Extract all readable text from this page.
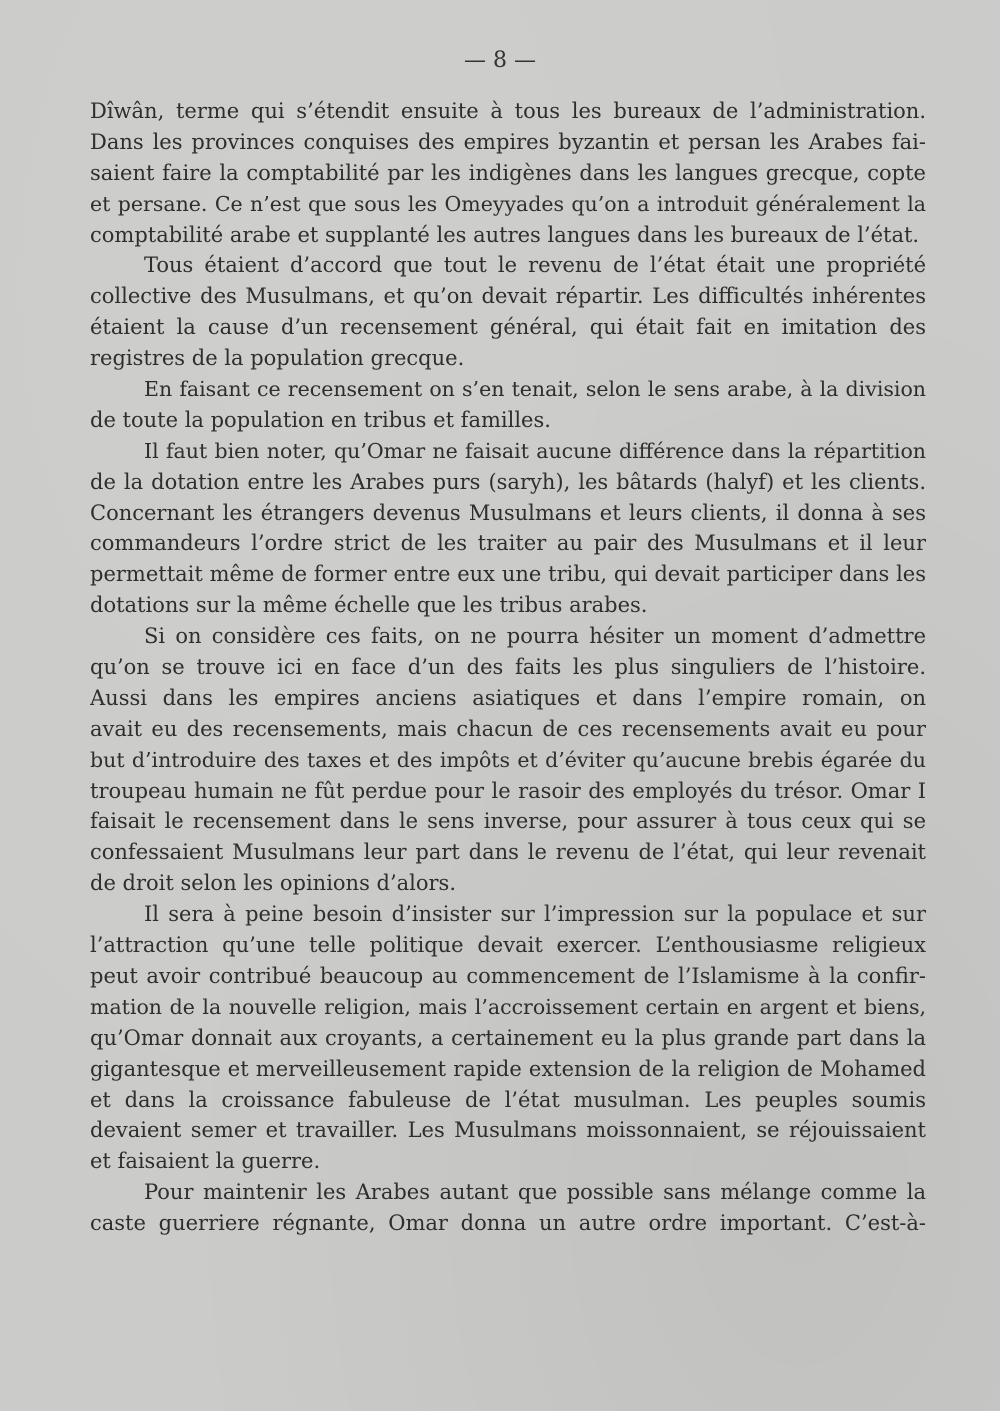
— 8 —
Dîwân, terme qui s’étendit ensuite à tous les bureaux de l’administration.
Dans les provinces conquises des empires byzantin et persan les Arabes fai-
saient faire la comptabilité par les indigènes dans les langues grecque, copte
et persane. Ce n’est que sous les Omeyyades qu’on a introduit généralement la
comptabilité arabe et supplanté les autres langues dans les bureaux de l’état.
Tous étaient d’accord que tout le revenu de l’état était une propriété
collective des Musulmans, et qu’on devait répartir. Les difficultés inhérentes
étaient la cause d’un recensement général, qui était fait en imitation des
registres de la population grecque.
En faisant ce recensement on s’en tenait, selon le sens arabe, à la division
de toute la population en tribus et familles.
Il faut bien noter, qu’Omar ne faisait aucune différence dans la répartition
de la dotation entre les Arabes purs (saryh), les bâtards (halyf) et les clients.
Concernant les étrangers devenus Musulmans et leurs clients, il donna à ses
commandeurs l’ordre strict de les traiter au pair des Musulmans et il leur
permettait même de former entre eux une tribu, qui devait participer dans les
dotations sur la même échelle que les tribus arabes.
Si on considère ces faits, on ne pourra hésiter un moment d’admettre
qu’on se trouve ici en face d’un des faits les plus singuliers de l’histoire.
Aussi dans les empires anciens asiatiques et dans l’empire romain, on
avait eu des recensements, mais chacun de ces recensements avait eu pour
but d’introduire des taxes et des impôts et d’éviter qu’aucune brebis égarée du
troupeau humain ne fût perdue pour le rasoir des employés du trésor. Omar I
faisait le recensement dans le sens inverse, pour assurer à tous ceux qui se
confessaient Musulmans leur part dans le revenu de l’état, qui leur revenait
de droit selon les opinions d’alors.
Il sera à peine besoin d’insister sur l’impression sur la populace et sur
l’attraction qu’une telle politique devait exercer. L’enthousiasme religieux
peut avoir contribué beaucoup au commencement de l’Islamisme à la confir-
mation de la nouvelle religion, mais l’accroissement certain en argent et biens,
qu’Omar donnait aux croyants, a certainement eu la plus grande part dans la
gigantesque et merveilleusement rapide extension de la religion de Mohamed
et dans la croissance fabuleuse de l’état musulman. Les peuples soumis
devaient semer et travailler. Les Musulmans moissonnaient, se réjouissaient
et faisaient la guerre.
Pour maintenir les Arabes autant que possible sans mélange comme la
caste guerriere régnante, Omar donna un autre ordre important. C’est-à-
